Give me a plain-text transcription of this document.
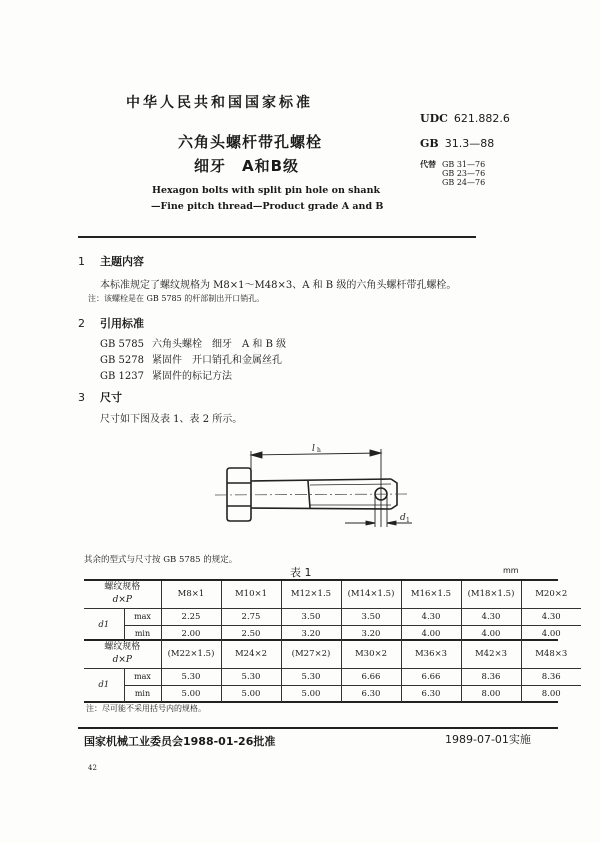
中华人民共和国国家标准
六角头螺杆带孔螺栓
细牙　A和B级
Hexagon bolts with split pin hole on shank
—Fine pitch thread—Product grade A and B
UDC 621.882.6
GB 31.3—88
代替 GB 31—76
GB 23—76
GB 24—76
1 主题内容
本标准规定了螺纹规格为 M8×1～M48×3、A 和 B 级的六角头螺杆带孔螺栓。
注：该螺栓是在 GB 5785 的杆部制出开口销孔。
2 引用标准
GB 5785 六角头螺栓　细牙　A 和 B 级
GB 5278 紧固件　开口销孔和金属丝孔
GB 1237 紧固件的标记方法
3 尺寸
尺寸如下图及表 1、表 2 所示。
l h
d 1
其余的型式与尺寸按 GB 5785 的规定。
表 1	mm
螺纹规格
d×P		M8×1	M10×1	M12×1.5	(M14×1.5)	M16×1.5	(M18×1.5)	M20×2
d1	max	2.25	2.75	3.50	3.50	4.30	4.30	4.30
	min	2.00	2.50	3.20	3.20	4.00	4.00	4.00
螺纹规格
d×P		(M22×1.5)	M24×2	(M27×2)	M30×2	M36×3	M42×3	M48×3
d1	max	5.30	5.30	5.30	6.66	6.66	8.36	8.36
	min	5.00	5.00	5.00	6.30	6.30	8.00	8.00
注：尽可能不采用括号内的规格。
国家机械工业委员会1988-01-26批准	1989-07-01实施
42
